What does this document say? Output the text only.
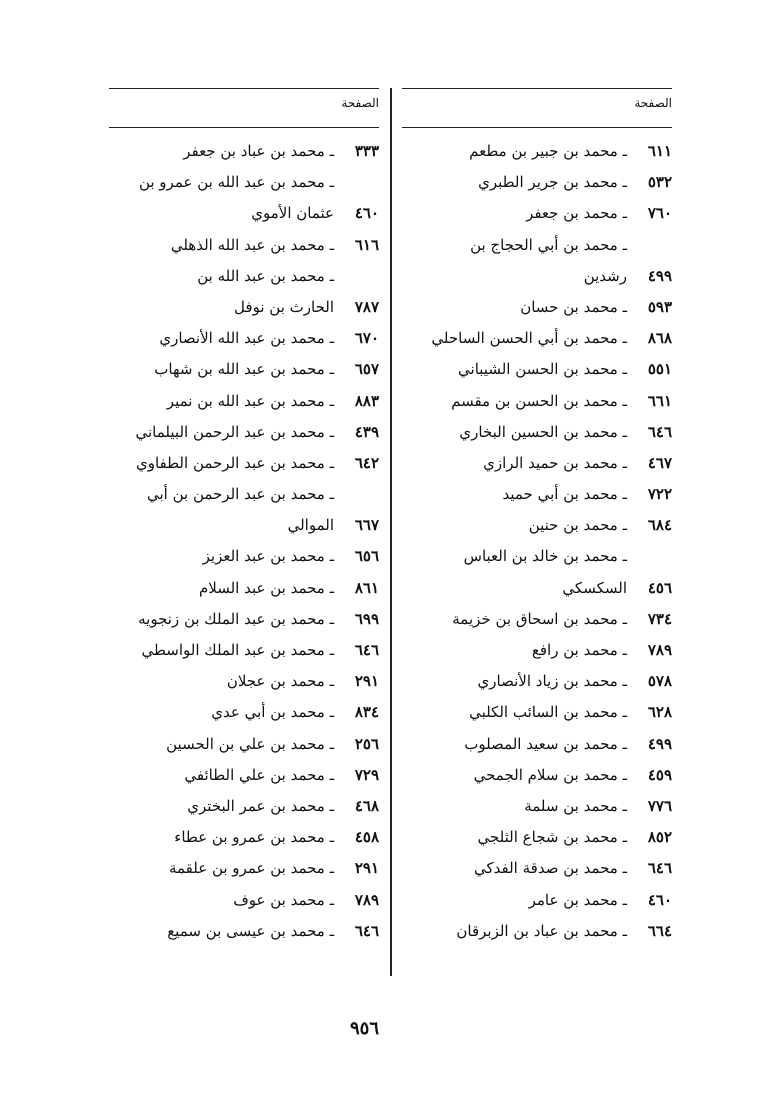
الصفحة
٦١١
ـ محمد بن جبير بن مطعم
٥٣٢
ـ محمد بن جرير الطبري
٧٦٠
ـ محمد بن جعفر
ـ محمد بن أبي الحجاج بن
٤٩٩
رشدين
٥٩٣
ـ محمد بن حسان
٨٦٨
ـ محمد بن أبي الحسن الساحلي
٥٥١
ـ محمد بن الحسن الشيباني
٦٦١
ـ محمد بن الحسن بن مقسم
٦٤٦
ـ محمد بن الحسين البخاري
٤٦٧
ـ محمد بن حميد الرازي
٧٢٢
ـ محمد بن أبي حميد
٦٨٤
ـ محمد بن حنين
ـ محمد بن خالد بن العباس
٤٥٦
السكسكي
٧٣٤
ـ محمد بن اسحاق بن خزيمة
٧٨٩
ـ محمد بن رافع
٥٧٨
ـ محمد بن زياد الأنصاري
٦٢٨
ـ محمد بن السائب الكلبي
٤٩٩
ـ محمد بن سعيد المصلوب
٤٥٩
ـ محمد بن سلام الجمحي
٧٧٦
ـ محمد بن سلمة
٨٥٢
ـ محمد بن شجاع الثلجي
٦٤٦
ـ محمد بن صدقة الفدكي
٤٦٠
ـ محمد بن عامر
٦٦٤
ـ محمد بن عباد بن الزبرقان
الصفحة
٣٣٣
ـ محمد بن عباد بن جعفر
ـ محمد بن عبد الله بن عمرو بن
٤٦٠
عثمان الأموي
٦١٦
ـ محمد بن عبد الله الذهلي
ـ محمد بن عبد الله بن
٧٨٧
الحارث بن نوفل
٦٧٠
ـ محمد بن عبد الله الأنصاري
٦٥٧
ـ محمد بن عبد الله بن شهاب
٨٨٣
ـ محمد بن عبد الله بن نمير
٤٣٩
ـ محمد بن عبد الرحمن البيلماني
٦٤٢
ـ محمد بن عبد الرحمن الطفاوي
ـ محمد بن عبد الرحمن بن أبي
٦٦٧
الموالي
٦٥٦
ـ محمد بن عبد العزيز
٨٦١
ـ محمد بن عبد السلام
٦٩٩
ـ محمد بن عبد الملك بن زنجويه
٦٤٦
ـ محمد بن عبد الملك الواسطي
٢٩١
ـ محمد بن عجلان
٨٣٤
ـ محمد بن أبي عدي
٢٥٦
ـ محمد بن علي بن الحسين
٧٢٩
ـ محمد بن علي الطائفي
٤٦٨
ـ محمد بن عمر البختري
٤٥٨
ـ محمد بن عمرو بن عطاء
٢٩١
ـ محمد بن عمرو بن علقمة
٧٨٩
ـ محمد بن عوف
٦٤٦
ـ محمد بن عيسى بن سميع
٩٥٦
